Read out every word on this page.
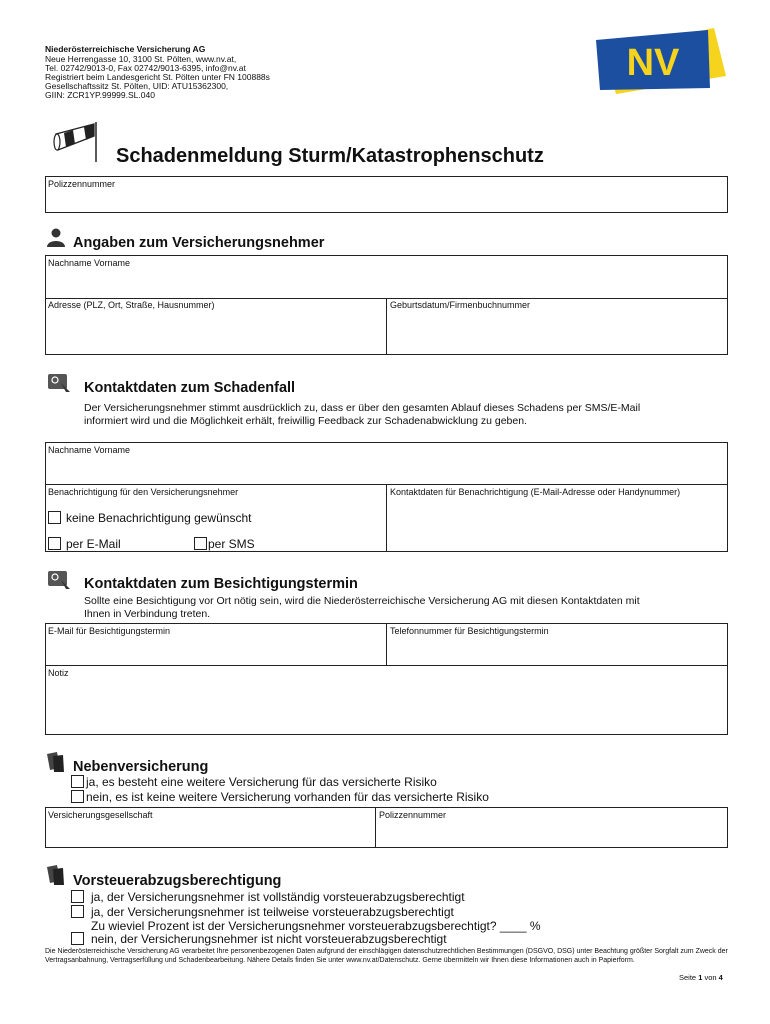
Niederösterreichische Versicherung AG
Neue Herrengasse 10, 3100 St. Pölten, www.nv.at,
Tel. 02742/9013-0, Fax 02742/9013-6395, info@nv.at
Registriert beim Landesgericht St. Pölten unter FN 100888s
Gesellschaftssitz St. Pölten, UID: ATU15362300,
GIIN: ZCR1YP.99999.SL.040
NV
Schadenmeldung Sturm/Katastrophenschutz
Polizzennummer
Angaben zum Versicherungsnehmer
Nachname Vorname
Adresse (PLZ, Ort, Straße, Hausnummer)	Geburtsdatum/Firmenbuchnummer
Kontaktdaten zum Schadenfall
Der Versicherungsnehmer stimmt ausdrücklich zu, dass er über den gesamten Ablauf dieses Schadens per SMS/E-Mail
informiert wird und die Möglichkeit erhält, freiwillig Feedback zur Schadenabwicklung zu geben.
Nachname Vorname
Benachrichtigung für den Versicherungsnehmer	Kontaktdaten für Benachrichtigung (E-Mail-Adresse oder Handynummer)
keine Benachrichtigung gewünscht
per E-Mail	per SMS
Kontaktdaten zum Besichtigungstermin
Sollte eine Besichtigung vor Ort nötig sein, wird die Niederösterreichische Versicherung AG mit diesen Kontaktdaten mit
Ihnen in Verbindung treten.
E-Mail für Besichtigungstermin	Telefonnummer für Besichtigungstermin
Notiz
Nebenversicherung
ja, es besteht eine weitere Versicherung für das versicherte Risiko
nein, es ist keine weitere Versicherung vorhanden für das versicherte Risiko
Versicherungsgesellschaft	Polizzennummer
Vorsteuerabzugsberechtigung
ja, der Versicherungsnehmer ist vollständig vorsteuerabzugsberechtigt
ja, der Versicherungsnehmer ist teilweise vorsteuerabzugsberechtigt
Zu wieviel Prozent ist der Versicherungsnehmer vorsteuerabzugsberechtigt? ____ %
nein, der Versicherungsnehmer ist nicht vorsteuerabzugsberechtigt
Die Niederösterreichische Versicherung AG verarbeitet Ihre personenbezogenen Daten aufgrund der einschlägigen datenschutzrechtlichen Bestimmungen (DSGVO, DSG) unter Beachtung größter Sorgfalt zum Zweck der Vertragsanbahnung, Vertragserfüllung und Schadenbearbeitung. Nähere Details finden Sie unter www.nv.at/Datenschutz. Gerne übermitteln wir Ihnen diese Informationen auch in Papierform.
Seite 1 von 4
